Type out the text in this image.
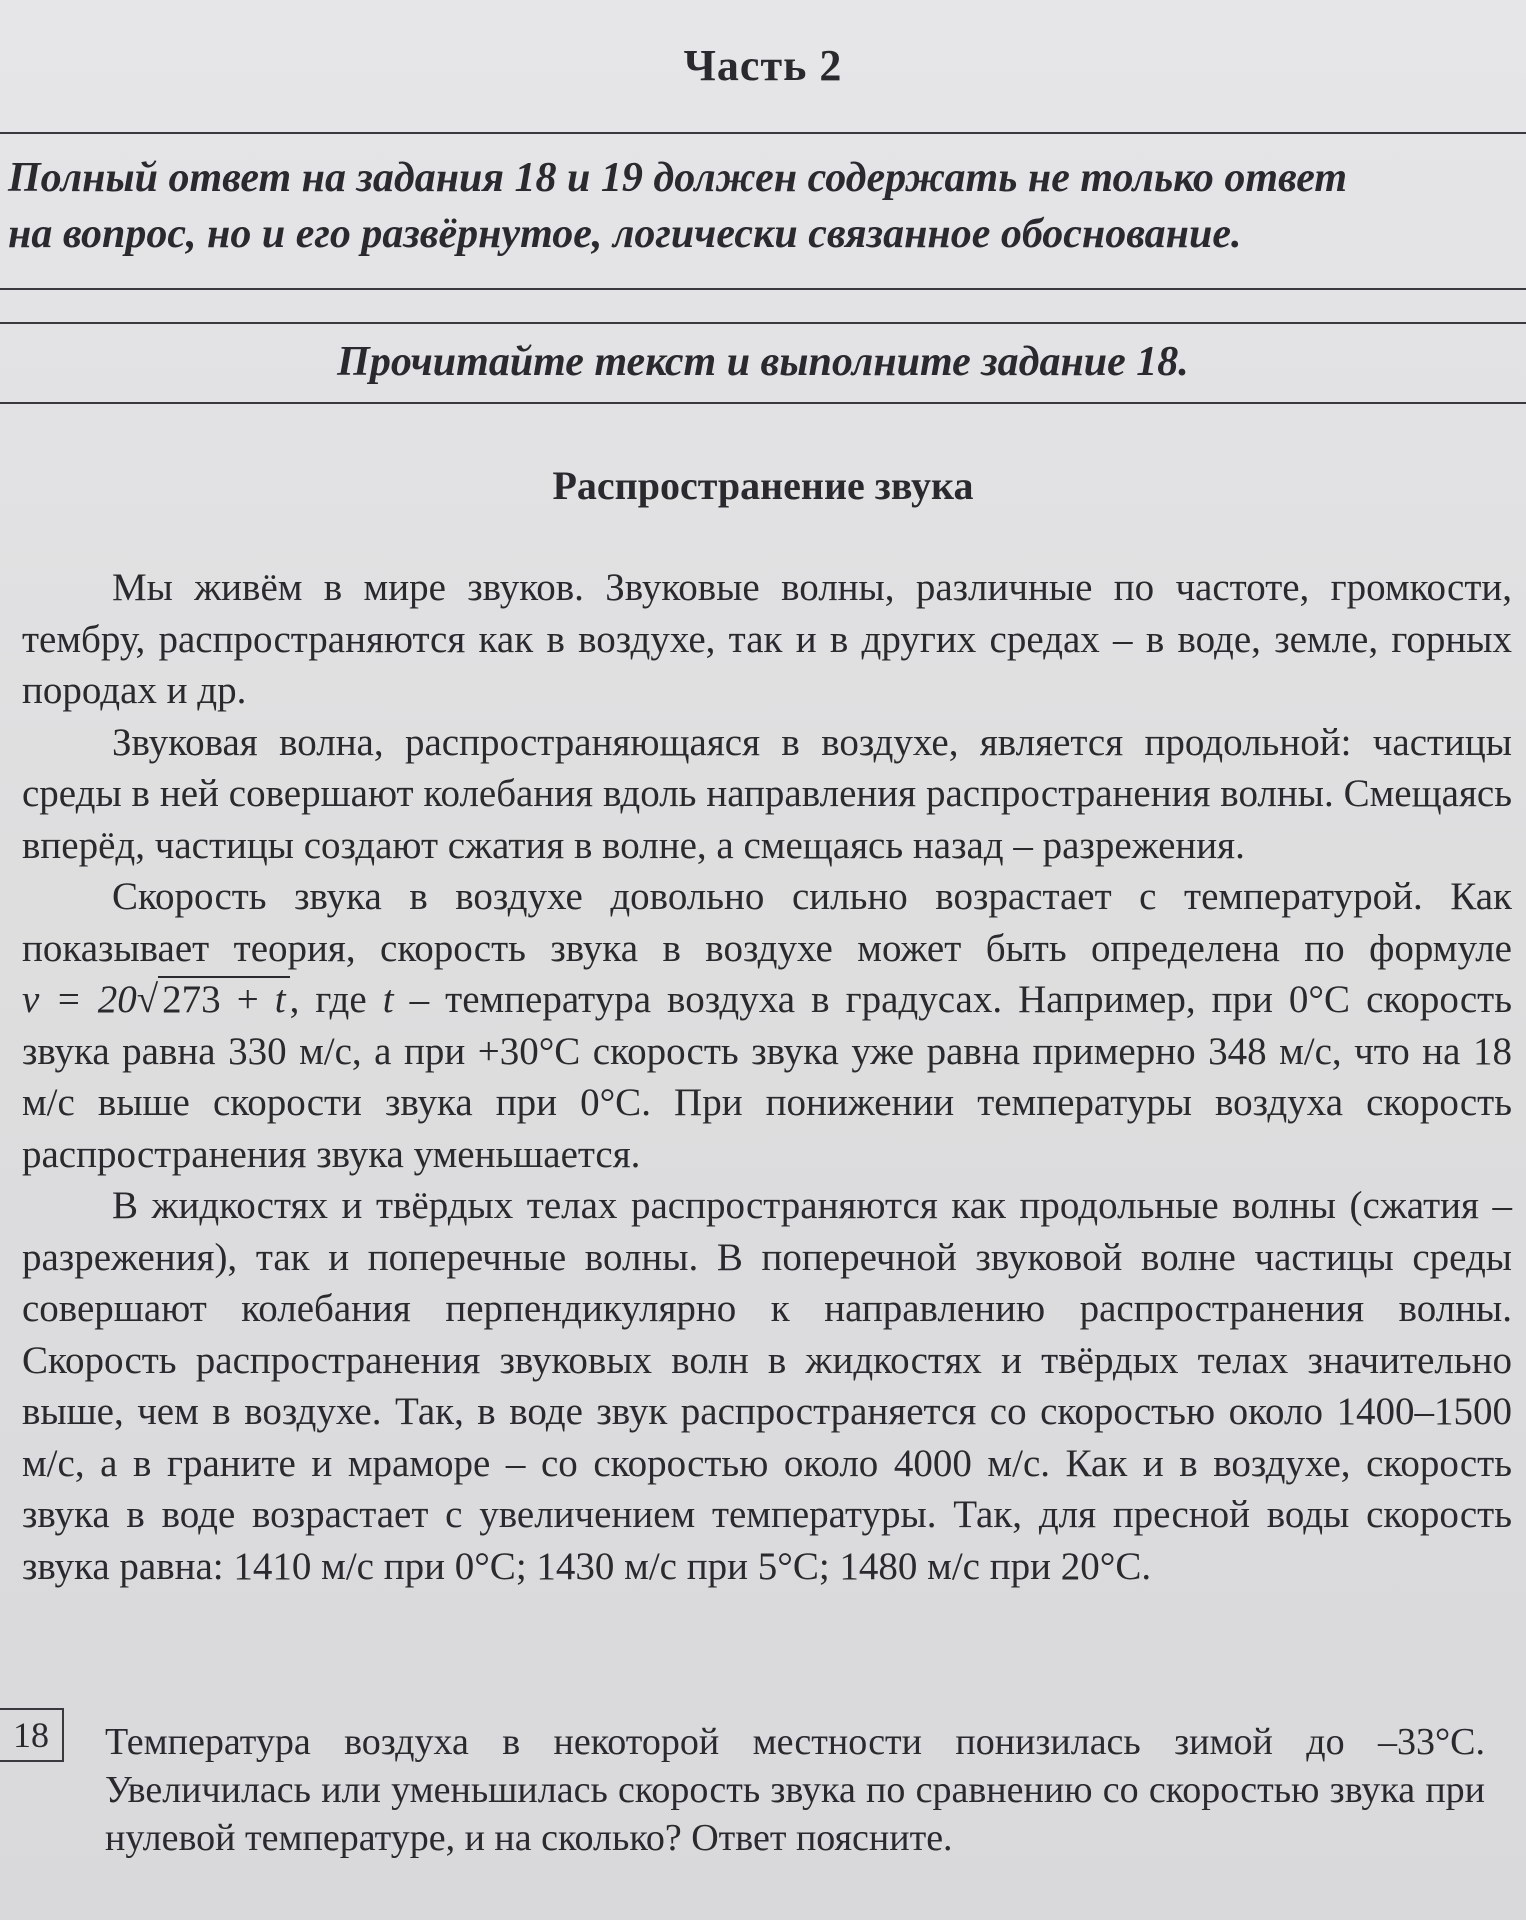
Часть 2
Полный ответ на задания 18 и 19 должен содержать не только ответ
на вопрос, но и его развёрнутое, логически связанное обоснование.
Прочитайте текст и выполните задание 18.
Распространение звука

Мы живём в мире звуков. Звуковые волны, различные по частоте, громкости, тембру, распространяются как в воздухе, так и в других средах – в воде, земле, горных породах и др.

Звуковая волна, распространяющаяся в воздухе, является продольной: частицы среды в ней совершают колебания вдоль направления распространения волны. Смещаясь вперёд, частицы создают сжатия в волне, а смещаясь назад – разрежения.

Скорость звука в воздухе довольно сильно возрастает с температурой. Как показывает теория, скорость звука в воздухе может быть определена по формуле v = 20√ 273 + t , где t – температура воздуха в градусах. Например, при 0°С скорость звука равна 330 м/с, а при +30°С скорость звука уже равна примерно 348 м/с, что на 18 м/с выше скорости звука при 0°С. При понижении температуры воздуха скорость распространения звука уменьшается.

В жидкостях и твёрдых телах распространяются как продольные волны (сжатия – разрежения), так и поперечные волны. В поперечной звуковой волне частицы среды совершают колебания перпендикулярно к направлению распространения волны. Скорость распространения звуковых волн в жидкостях и твёрдых телах значительно выше, чем в воздухе. Так, в воде звук распространяется со скоростью около 1400–1500 м/с, а в граните и мраморе – со скоростью около 4000 м/с. Как и в воздухе, скорость звука в воде возрастает с увеличением температуры. Так, для пресной воды скорость звука равна: 1410 м/с при 0°С; 1430 м/с при 5°С; 1480 м/с при 20°С.

18	Температура воздуха в некоторой местности понизилась зимой до –33°С. Увеличилась или уменьшилась скорость звука по сравнению со скоростью звука при нулевой температуре, и на сколько? Ответ поясните.
